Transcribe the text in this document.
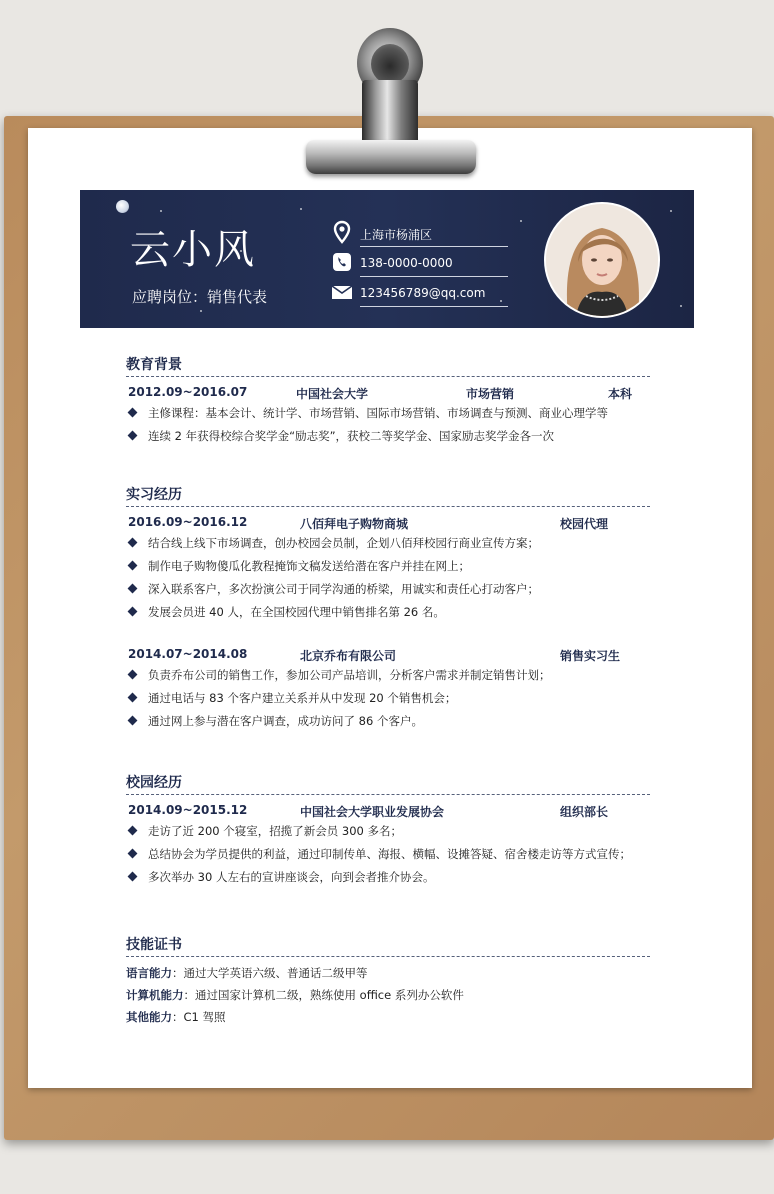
云小风
应聘岗位：销售代表
上海市杨浦区
138-0000-0000
123456789@qq.com
教育背景
2012.09~2016.07	中国社会大学	市场营销	本科
主修课程：基本会计、统计学、市场营销、国际市场营销、市场调查与预测、商业心理学等
连续 2 年获得校综合奖学金“励志奖”，获校二等奖学金、国家励志奖学金各一次
实习经历
2016.09~2016.12	八佰拜电子购物商城	校园代理
结合线上线下市场调查，创办校园会员制，企划八佰拜校园行商业宣传方案；
制作电子购物傻瓜化教程掩饰文稿发送给潜在客户并挂在网上；
深入联系客户，多次扮演公司于同学沟通的桥梁，用诚实和责任心打动客户；
发展会员进 40 人，在全国校园代理中销售排名第 26 名。
2014.07~2014.08	北京乔布有限公司	销售实习生
负责乔布公司的销售工作，参加公司产品培训，分析客户需求并制定销售计划；
通过电话与 83 个客户建立关系并从中发现 20 个销售机会；
通过网上参与潜在客户调查，成功访问了 86 个客户。
校园经历
2014.09~2015.12	中国社会大学职业发展协会	组织部长
走访了近 200 个寝室，招揽了新会员 300 多名；
总结协会为学员提供的利益，通过印制传单、海报、横幅、设摊答疑、宿舍楼走访等方式宣传；
多次举办 30 人左右的宣讲座谈会，向到会者推介协会。
技能证书
语言能力：通过大学英语六级、普通话二级甲等
计算机能力：通过国家计算机二级，熟练使用 office 系列办公软件
其他能力：C1 驾照
